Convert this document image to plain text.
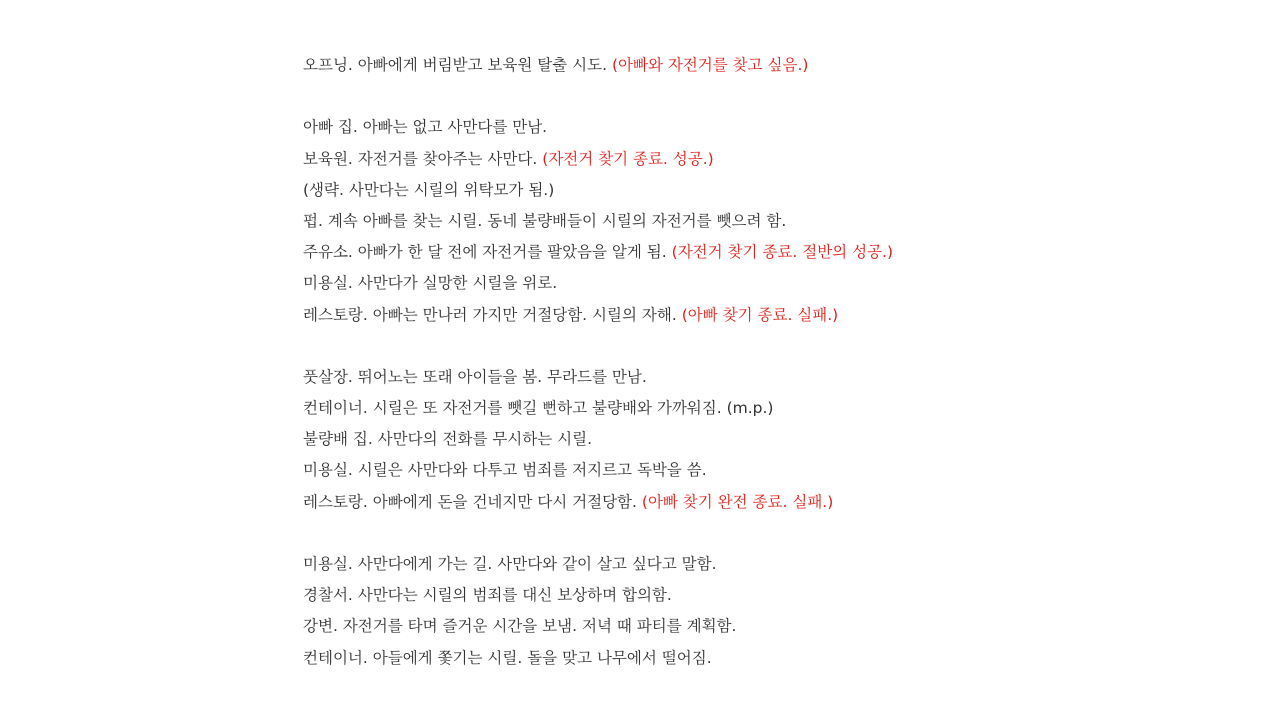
오프닝. 아빠에게 버림받고 보육원 탈출 시도. (아빠와 자전거를 찾고 싶음.)
아빠 집. 아빠는 없고 사만다를 만남.
보육원. 자전거를 찾아주는 사만다. (자전거 찾기 종료. 성공.)
(생략. 사만다는 시릴의 위탁모가 됨.)
펍. 계속 아빠를 찾는 시릴. 동네 불량배들이 시릴의 자전거를 뺏으려 함.
주유소. 아빠가 한 달 전에 자전거를 팔았음을 알게 됨. (자전거 찾기 종료. 절반의 성공.)
미용실. 사만다가 실망한 시릴을 위로.
레스토랑. 아빠는 만나러 가지만 거절당함. 시릴의 자해. (아빠 찾기 종료. 실패.)
풋살장. 뛰어노는 또래 아이들을 봄. 무라드를 만남.
컨테이너. 시릴은 또 자전거를 뺏길 뻔하고 불량배와 가까워짐. (m.p.)
불량배 집. 사만다의 전화를 무시하는 시릴.
미용실. 시릴은 사만다와 다투고 범죄를 저지르고 독박을 씀.
레스토랑. 아빠에게 돈을 건네지만 다시 거절당함. (아빠 찾기 완전 종료. 실패.)
미용실. 사만다에게 가는 길. 사만다와 같이 살고 싶다고 말함.
경찰서. 사만다는 시릴의 범죄를 대신 보상하며 합의함.
강변. 자전거를 타며 즐거운 시간을 보냄. 저녁 때 파티를 계획함.
컨테이너. 아들에게 쫓기는 시릴. 돌을 맞고 나무에서 떨어짐.
